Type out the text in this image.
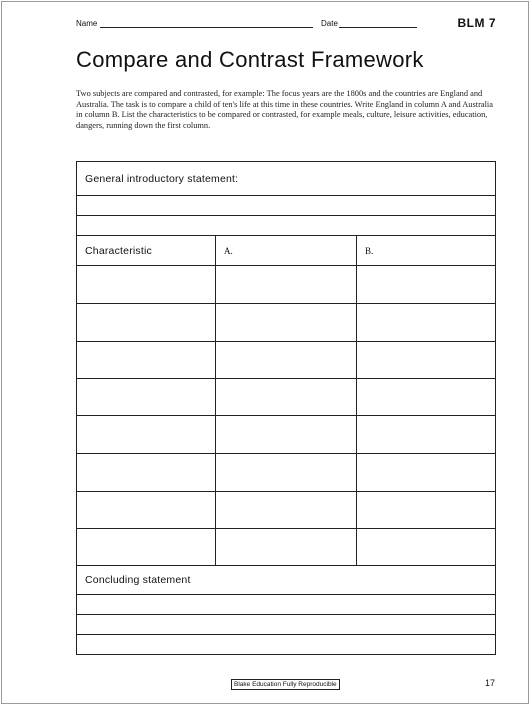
Name	Date	BLM 7
Compare and Contrast Framework
Two subjects are compared and contrasted, for example: The focus years are the 1800s and the countries are England and Australia. The task is to compare a child of ten's life at this time in these countries. Write England in column A and Australia in column B. List the characteristics to be compared or contrasted, for example meals, culture, leisure activities, education, dangers, running down the first column.
General introductory statement:		

Characteristic	A.	B.

Concluding statement		

Blake Education Fully Reproducible	17
